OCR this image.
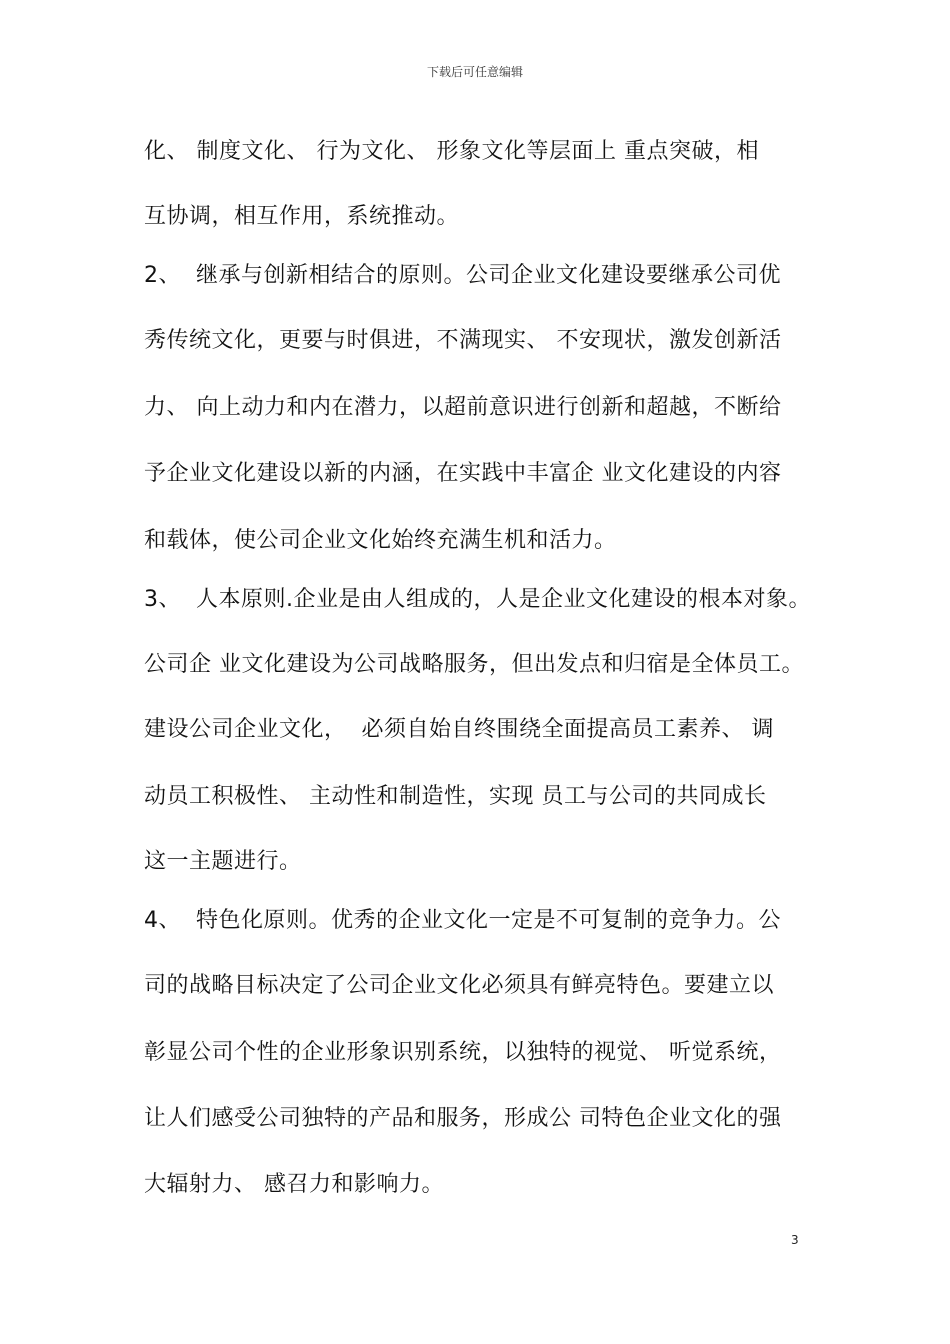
下载后可任意编辑
化、 制度文化、 行为文化、 形象文化等层面上 重点突破，相
互协调，相互作用，系统推动。
2、  继承与创新相结合的原则。公司企业文化建设要继承公司优
秀传统文化，更要与时俱进，不满现实、 不安现状，激发创新活
力、 向上动力和内在潜力，以超前意识进行创新和超越，不断给
予企业文化建设以新的内涵，在实践中丰富企 业文化建设的内容
和载体，使公司企业文化始终充满生机和活力。
3、  人本原则.企业是由人组成的，人是企业文化建设的根本对象。
公司企 业文化建设为公司战略服务，但出发点和归宿是全体员工。
建设公司企业文化，  必须自始自终围绕全面提高员工素养、 调
动员工积极性、 主动性和制造性，实现 员工与公司的共同成长
这一主题进行。
4、  特色化原则。优秀的企业文化一定是不可复制的竞争力。公
司的战略目标决定了公司企业文化必须具有鲜亮特色。要建立以
彰显公司个性的企业形象识别系统，以独特的视觉、 听觉系统，
让人们感受公司独特的产品和服务，形成公 司特色企业文化的强
大辐射力、 感召力和影响力。
3
